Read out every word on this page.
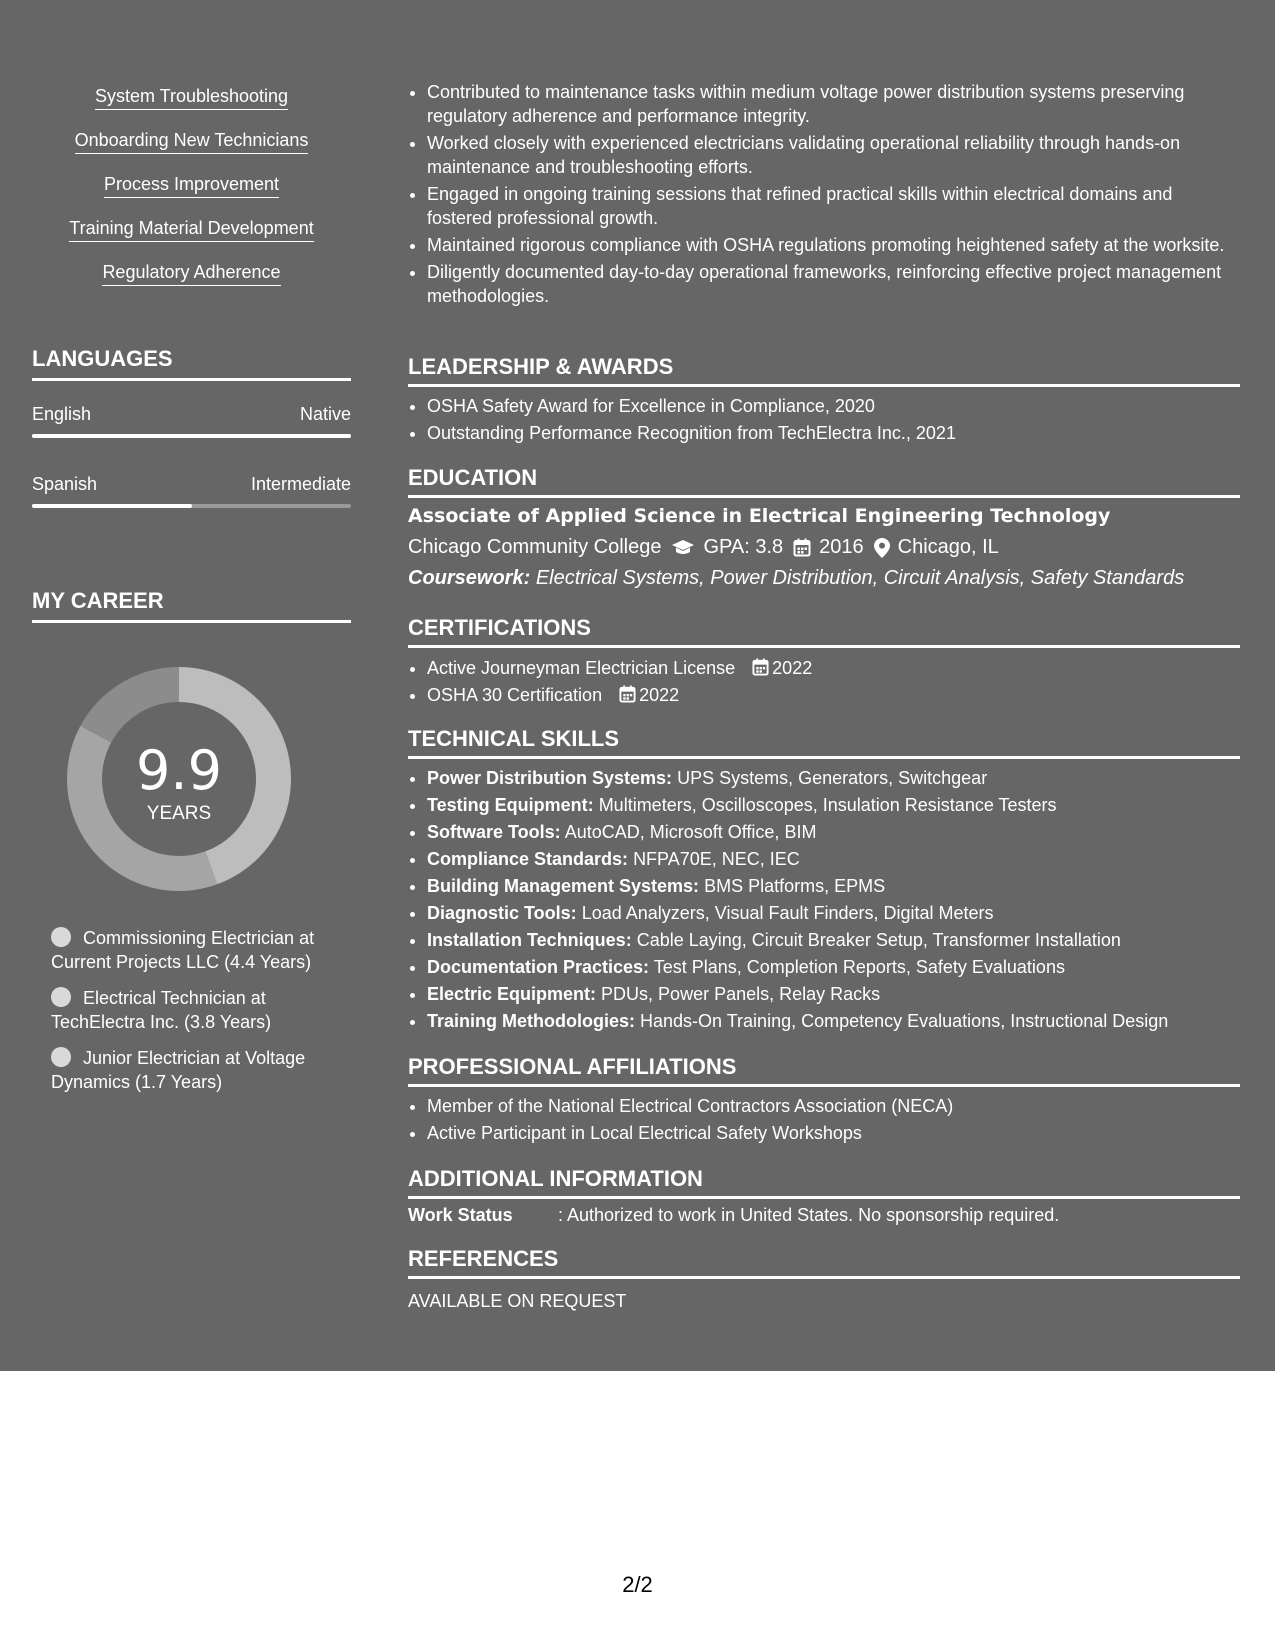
System Troubleshooting
Onboarding New Technicians
Process Improvement
Training Material Development
Regulatory Adherence
LANGUAGES
English	Native
Spanish	Intermediate
MY CAREER
9.9
YEARS
Commissioning Electrician at Current Projects LLC (4.4 Years)
Electrical Technician at TechElectra Inc. (3.8 Years)
Junior Electrician at Voltage Dynamics (1.7 Years)
• Contributed to maintenance tasks within medium voltage power distribution systems preserving regulatory adherence and performance integrity.
• Worked closely with experienced electricians validating operational reliability through hands-on maintenance and troubleshooting efforts.
• Engaged in ongoing training sessions that refined practical skills within electrical domains and fostered professional growth.
• Maintained rigorous compliance with OSHA regulations promoting heightened safety at the worksite.
• Diligently documented day-to-day operational frameworks, reinforcing effective project management methodologies.
LEADERSHIP & AWARDS
• OSHA Safety Award for Excellence in Compliance, 2020
• Outstanding Performance Recognition from TechElectra Inc., 2021
EDUCATION
Associate of Applied Science in Electrical Engineering Technology
Chicago Community College GPA: 3.8 2016 Chicago, IL
Coursework: Electrical Systems, Power Distribution, Circuit Analysis, Safety Standards
CERTIFICATIONS
• Active Journeyman Electrician License 2022
• OSHA 30 Certification 2022
TECHNICAL SKILLS
• Power Distribution Systems: UPS Systems, Generators, Switchgear
• Testing Equipment: Multimeters, Oscilloscopes, Insulation Resistance Testers
• Software Tools: AutoCAD, Microsoft Office, BIM
• Compliance Standards: NFPA70E, NEC, IEC
• Building Management Systems: BMS Platforms, EPMS
• Diagnostic Tools: Load Analyzers, Visual Fault Finders, Digital Meters
• Installation Techniques: Cable Laying, Circuit Breaker Setup, Transformer Installation
• Documentation Practices: Test Plans, Completion Reports, Safety Evaluations
• Electric Equipment: PDUs, Power Panels, Relay Racks
• Training Methodologies: Hands-On Training, Competency Evaluations, Instructional Design
PROFESSIONAL AFFILIATIONS
• Member of the National Electrical Contractors Association (NECA)
• Active Participant in Local Electrical Safety Workshops
ADDITIONAL INFORMATION
Work Status	: Authorized to work in United States. No sponsorship required.
REFERENCES
AVAILABLE ON REQUEST
2/2
